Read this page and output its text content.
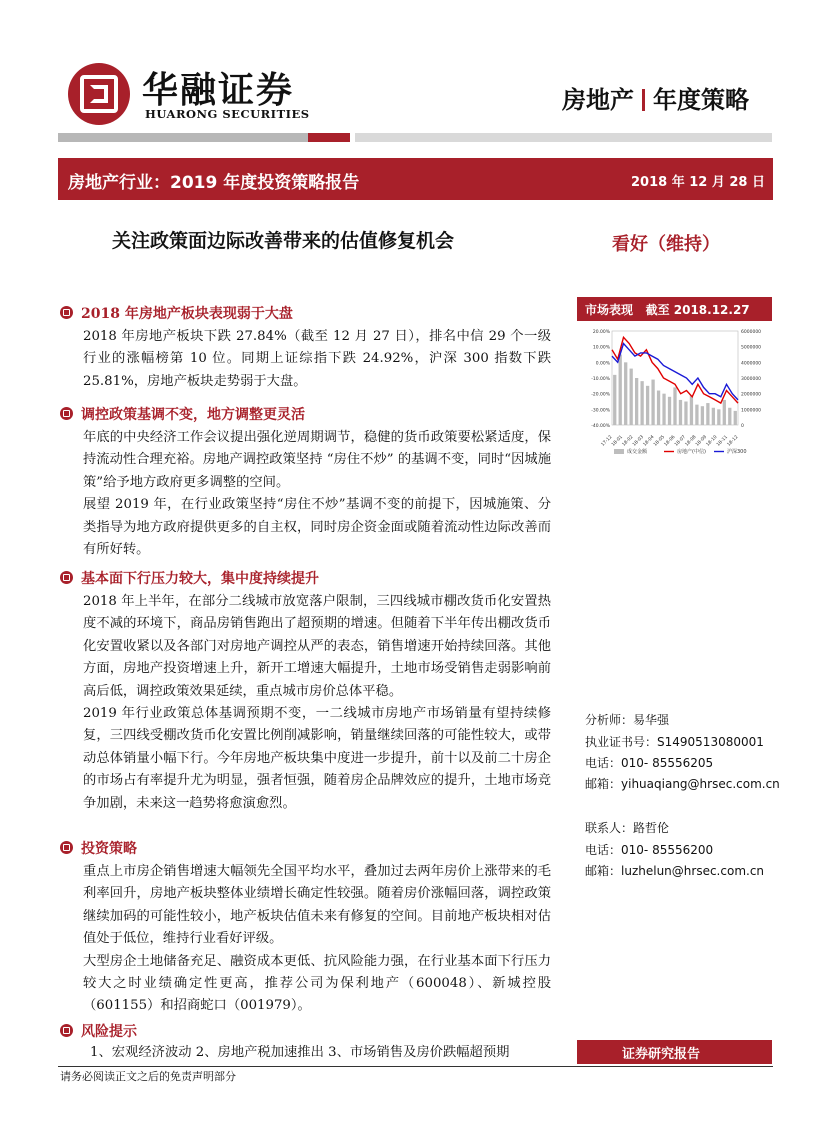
华融证券
HUARONG SECURITIES	房地产 年度策略
房地产行业：2019 年度投资策略报告	2018 年 12 月 28 日
关注政策面边际改善带来的估值修复机会	看好（维持）
2018 年房地产板块表现弱于大盘

2018 年房地产板块下跌 27.84%（截至 12 月 27 日），排名中信 29 个一级行业的涨幅榜第 10 位。同期上证综指下跌 24.92%，沪深 300 指数下跌 25.81%，房地产板块走势弱于大盘。

调控政策基调不变，地方调整更灵活

年底的中央经济工作会议提出强化逆周期调节，稳健的货币政策要松紧适度，保持流动性合理充裕。房地产调控政策坚持 “房住不炒” 的基调不变，同时“因城施策”给予地方政府更多调整的空间。

展望 2019 年，在行业政策坚持“房住不炒”基调不变的前提下，因城施策、分类指导为地方政府提供更多的自主权，同时房企资金面或随着流动性边际改善而有所好转。

基本面下行压力较大，集中度持续提升

2018 年上半年，在部分二线城市放宽落户限制，三四线城市棚改货币化安置热度不减的环境下，商品房销售跑出了超预期的增速。但随着下半年传出棚改货币化安置收紧以及各部门对房地产调控从严的表态，销售增速开始持续回落。其他方面，房地产投资增速上升，新开工增速大幅提升，土地市场受销售走弱影响前高后低，调控政策效果延续，重点城市房价总体平稳。

2019 年行业政策总体基调预期不变，一二线城市房地产市场销量有望持续修复，三四线受棚改货币化安置比例削减影响，销量继续回落的可能性较大，或带动总体销量小幅下行。今年房地产板块集中度进一步提升，前十以及前二十房企的市场占有率提升尤为明显，强者恒强，随着房企品牌效应的提升，土地市场竞争加剧，未来这一趋势将愈演愈烈。

投资策略

重点上市房企销售增速大幅领先全国平均水平，叠加过去两年房价上涨带来的毛利率回升，房地产板块整体业绩增长确定性较强。随着房价涨幅回落，调控政策继续加码的可能性较小，地产板块估值未来有修复的空间。目前地产板块相对估值处于低位，维持行业看好评级。

大型房企土地储备充足、融资成本更低、抗风险能力强，在行业基本面下行压力较大之时业绩确定性更高，推荐公司为保利地产（600048）、新城控股（601155）和招商蛇口（001979）。

风险提示

1、宏观经济波动 2、房地产税加速推出 3、市场销售及房价跌幅超预期

市场表现 截至 2018.12.27
20.00%
10.00%
0.00%
-10.00%
-20.00%
-30.00%
-40.00%
6000000
5000000
4000000
3000000
2000000
1000000
0
17-12
18-01
18-02
18-03
18-04
18-05
18-06
18-07
18-08
18-09
18-10
18-11
18-12
成交金额	房地产(中信)	沪深300
分析师：易华强
执业证书号：S1490513080001
电话：010- 85556205
邮箱：yihuaqiang@hrsec.com.cn
联系人：路哲伦
电话：010- 85556200
邮箱：luzhelun@hrsec.com.cn
证券研究报告
请务必阅读正文之后的免责声明部分
